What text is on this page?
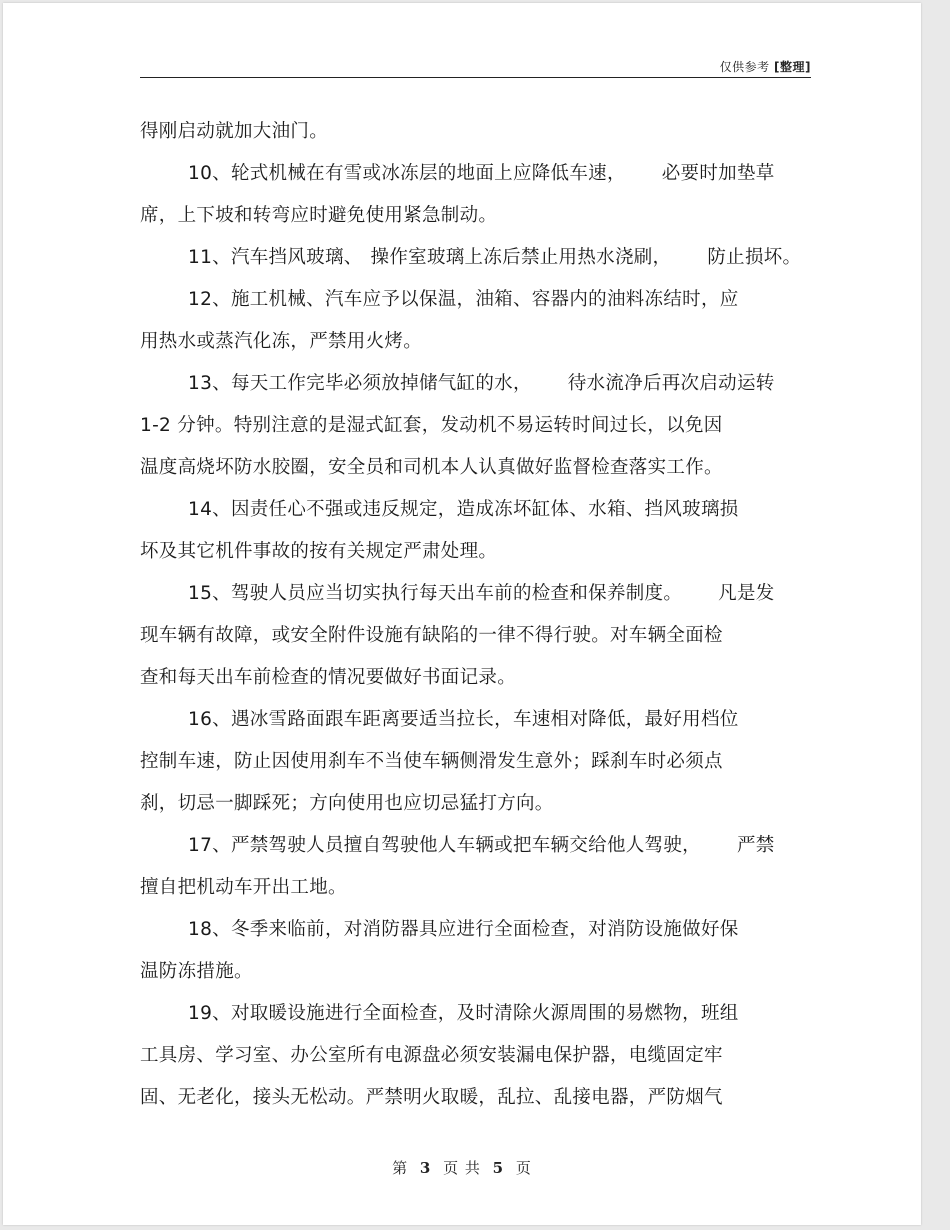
仅供参考 [整理]
得刚启动就加大油门。
10、轮式机械在有雪或冰冻层的地面上应降低车速， 必要时加垫草
席，上下坡和转弯应时避免使用紧急制动。
11、汽车挡风玻璃、 操作室玻璃上冻后禁止用热水浇刷， 防止损坏。
12、施工机械、汽车应予以保温，油箱、容器内的油料冻结时，应
用热水或蒸汽化冻，严禁用火烤。
13、每天工作完毕必须放掉储气缸的水， 待水流净后再次启动运转
1-2 分钟。特别注意的是湿式缸套，发动机不易运转时间过长，以免因
温度高烧坏防水胶圈，安全员和司机本人认真做好监督检查落实工作。
14、因责任心不强或违反规定，造成冻坏缸体、水箱、挡风玻璃损
坏及其它机件事故的按有关规定严肃处理。
15、驾驶人员应当切实执行每天出车前的检查和保养制度。 凡是发
现车辆有故障，或安全附件设施有缺陷的一律不得行驶。对车辆全面检
查和每天出车前检查的情况要做好书面记录。
16、遇冰雪路面跟车距离要适当拉长，车速相对降低，最好用档位
控制车速，防止因使用刹车不当使车辆侧滑发生意外；踩刹车时必须点
刹，切忌一脚踩死；方向使用也应切忌猛打方向。
17、严禁驾驶人员擅自驾驶他人车辆或把车辆交给他人驾驶， 严禁
擅自把机动车开出工地。
18、冬季来临前，对消防器具应进行全面检查，对消防设施做好保
温防冻措施。
19、对取暖设施进行全面检查，及时清除火源周围的易燃物，班组
工具房、学习室、办公室所有电源盘必须安装漏电保护器，电缆固定牢
固、无老化，接头无松动。严禁明火取暖，乱拉、乱接电器，严防烟气
第 3 页 共 5 页
